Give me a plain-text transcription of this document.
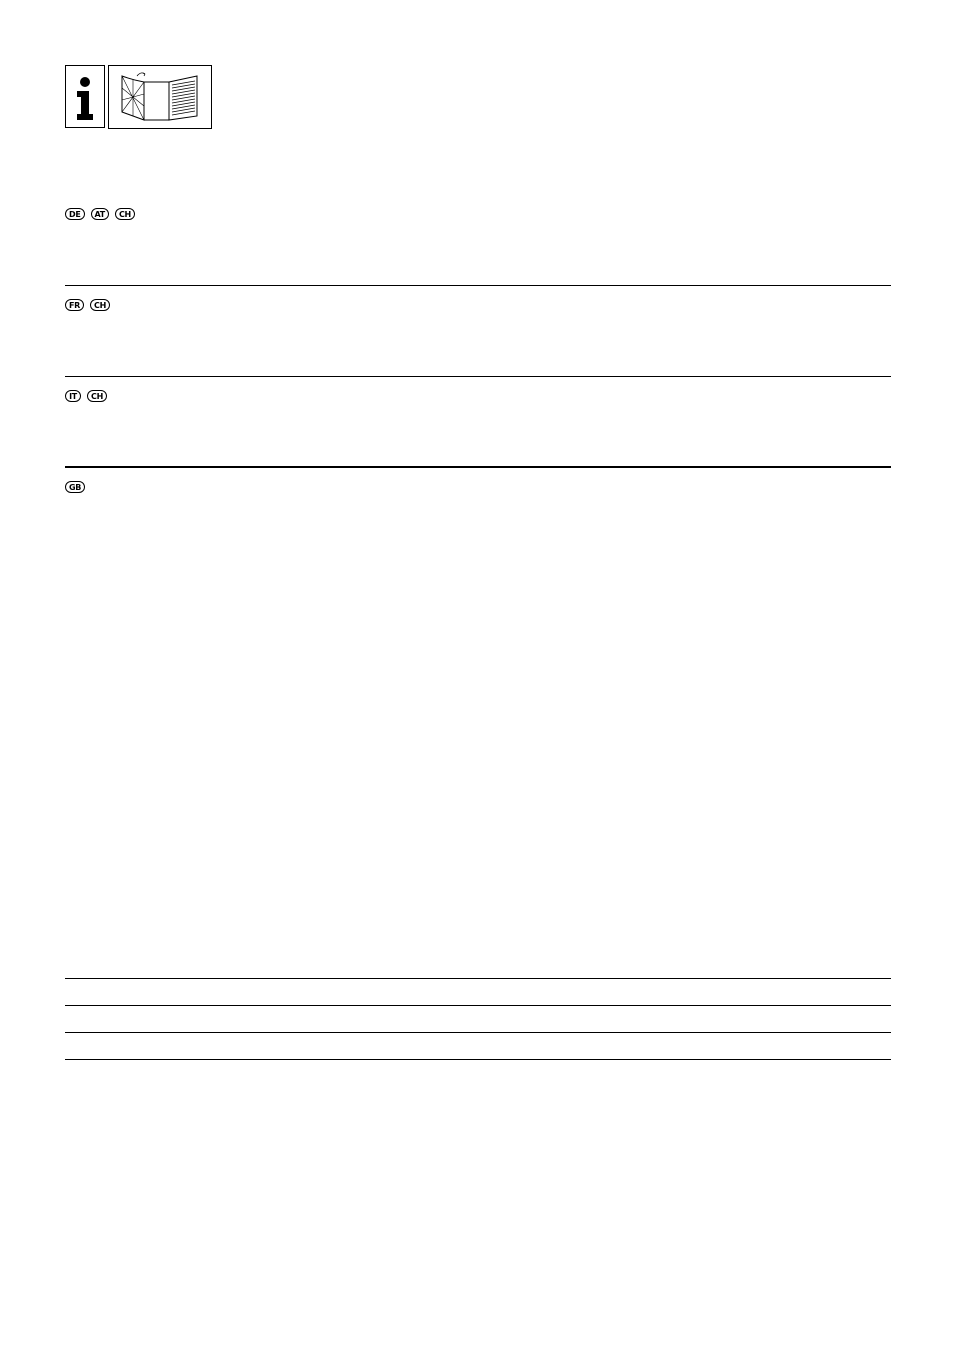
DE	AT	CH
FR	CH
IT	CH
GB
